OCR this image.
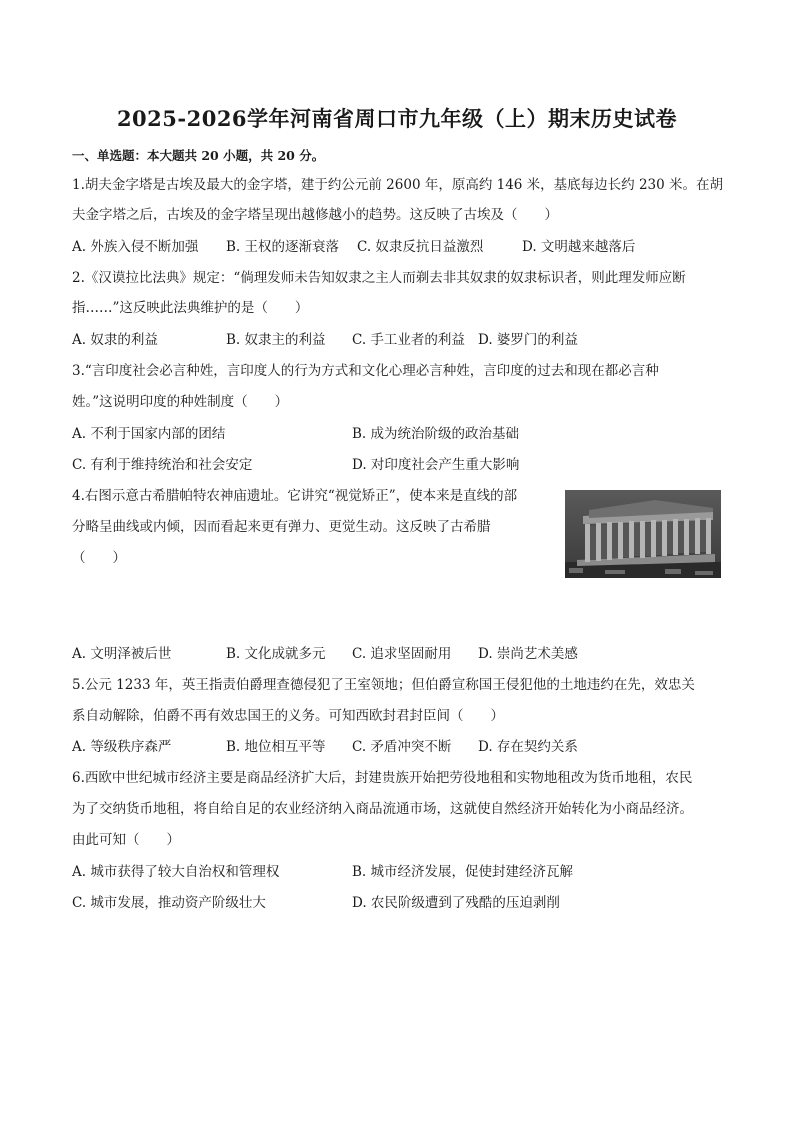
2025-2026学年河南省周口市九年级（上）期末历史试卷
一、单选题：本大题共 20 小题，共 20 分。
1.胡夫金字塔是古埃及最大的金字塔，建于约公元前 2600 年，原高约 146 米，基底每边长约 230 米。在胡
夫金字塔之后，古埃及的金字塔呈现出越修越小的趋势。这反映了古埃及（　　）
A. 外族入侵不断加强 B. 王权的逐渐衰落 C. 奴隶反抗日益激烈	D. 文明越来越落后
2.《汉谟拉比法典》规定：“倘理发师未告知奴隶之主人而剃去非其奴隶的奴隶标识者，则此理发师应断
指……”这反映此法典维护的是（　　）
A. 奴隶的利益	B. 奴隶主的利益 C. 手工业者的利益 D. 婆罗门的利益
3.“言印度社会必言种姓，言印度人的行为方式和文化心理必言种姓，言印度的过去和现在都必言种
姓。”这说明印度的种姓制度（　　）
A. 不利于国家内部的团结	B. 成为统治阶级的政治基础
C. 有利于维持统治和社会安定	D. 对印度社会产生重大影响
4.右图示意古希腊帕特农神庙遗址。它讲究“视觉矫正”，使本来是直线的部
分略呈曲线或内倾，因而看起来更有弹力、更觉生动。这反映了古希腊
（　　）
A. 文明泽被后世	B. 文化成就多元 C. 追求坚固耐用 D. 崇尚艺术美感
5.公元 1233 年，英王指责伯爵理查德侵犯了王室领地；但伯爵宣称国王侵犯他的土地违约在先，效忠关
系自动解除，伯爵不再有效忠国王的义务。可知西欧封君封臣间（　　）
A. 等级秩序森严	B. 地位相互平等 C. 矛盾冲突不断 D. 存在契约关系
6.西欧中世纪城市经济主要是商品经济扩大后，封建贵族开始把劳役地租和实物地租改为货币地租，农民
为了交纳货币地租，将自给自足的农业经济纳入商品流通市场，这就使自然经济开始转化为小商品经济。
由此可知（　　）
A. 城市获得了较大自治权和管理权	B. 城市经济发展，促使封建经济瓦解
C. 城市发展，推动资产阶级壮大	D. 农民阶级遭到了残酷的压迫剥削
